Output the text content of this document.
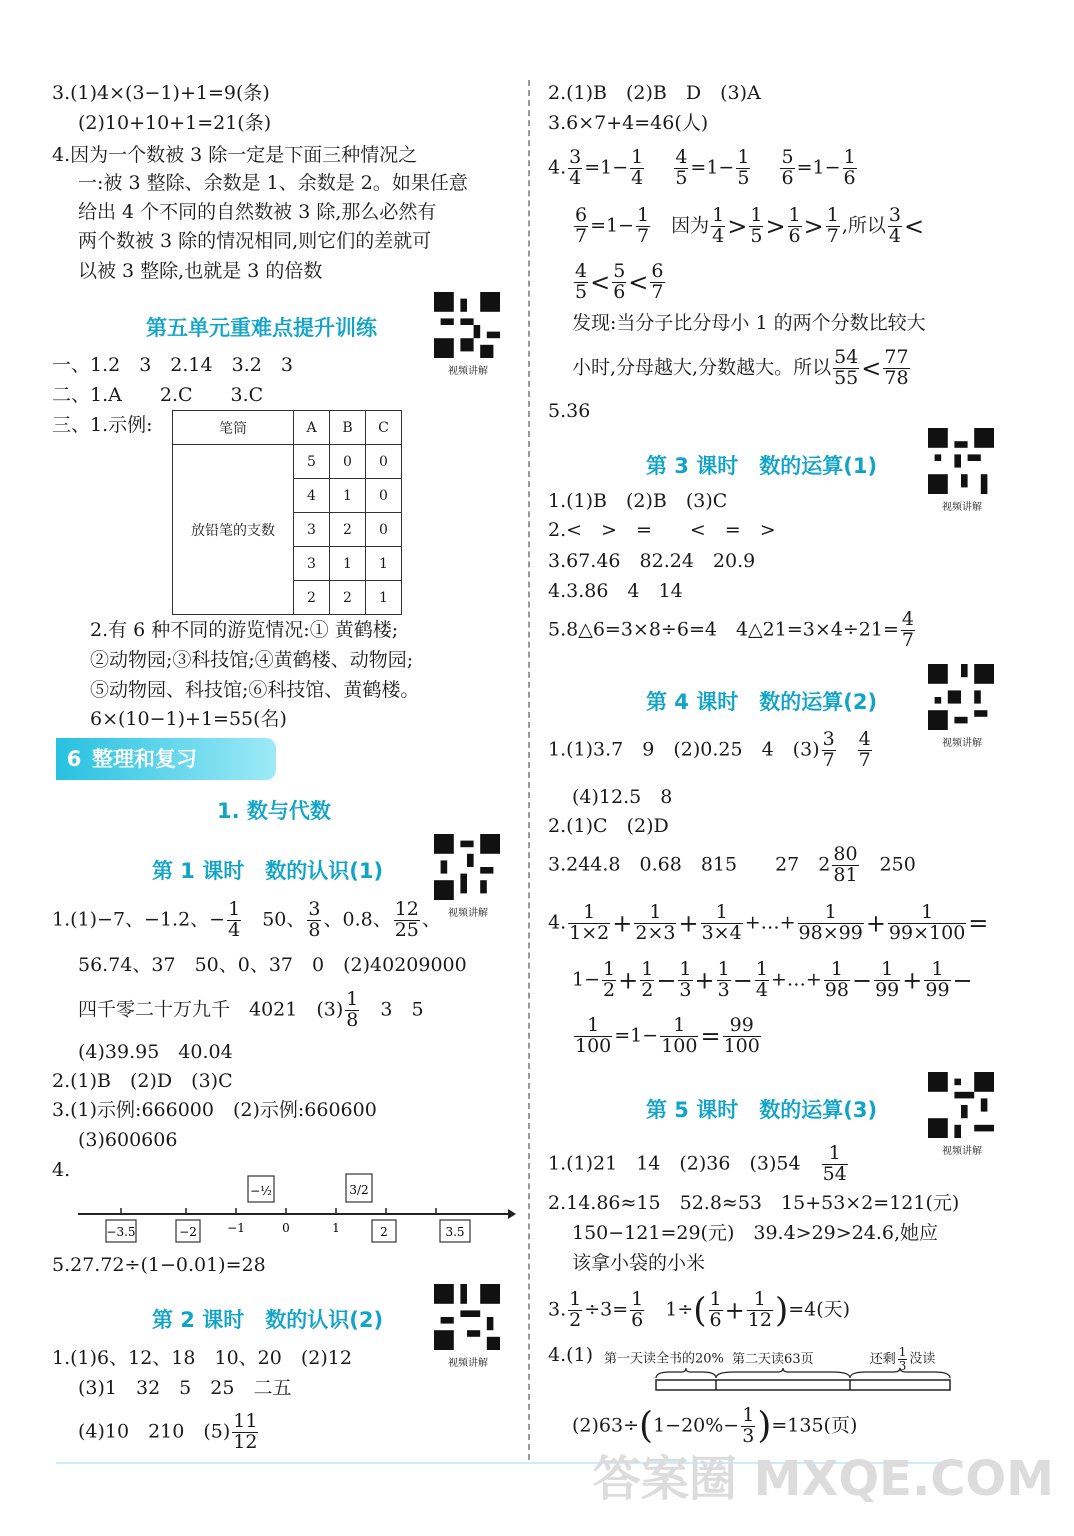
3.(1)4×(3−1)+1=9(条)
(2)10+10+1=21(条)
4.因为一个数被 3 除一定是下面三种情况之
一:被 3 整除、余数是 1、余数是 2。如果任意
给出 4 个不同的自然数被 3 除,那么必然有
两个数被 3 除的情况相同,则它们的差就可
以被 3 整除,也就是 3 的倍数
第五单元重难点提升训练
视频讲解
一、1.2　3　2.14　3.2　3
二、1.A　　2.C　　3.C
三、1.示例:	笔筒	A	B	C
放铅笔的支数	5	0	0
	4	1	0
	3	2	0
	3	1	1
	2	2	1
2.有 6 种不同的游览情况:① 黄鹤楼;
②动物园;③科技馆;④黄鹤楼、动物园;
⑤动物园、科技馆;⑥科技馆、黄鹤楼。
6×(10−1)+1=55(名)
6 整理和复习
1. 数与代数
第 1 课时　数的认识(1)
视频讲解
1.(1)−7、−1.2、− $\frac{1}{4}$ 　50、 $\frac{3}{8}$ 、0.8、 $\frac{12}{25}$ 、
56.74、37　50、0、37　0　(2)40209000
四千零二十万九千　4021　$(3) \frac{1}{8}$ 　3　5
(4)39.95　40.04
2.(1)B　(2)D　(3)C
3.(1)示例:666000　(2)示例:660600
(3)600606
4.
−½	3/2
−3.5	−2	−1	0	1	2	3.5
5.27.72÷(1−0.01)=28
第 2 课时　数的认识(2)
视频讲解
1.(1)6、12、18　10、20　(2)12
(3)1　32　5　25　二五
(4)10　210　$(5) \frac{11}{12}$
2.(1)B　(2)B　D　(3)A
3.6×7+4=46(人)
4. $\frac{3}{4} =1- \frac{1}{4}$
$\frac{4}{5} =1- \frac{1}{5}$
$\frac{5}{6} =1- \frac{1}{6}$
$\frac{6}{7} =1- \frac{1}{7}$ 　因为 $\frac{1}{4} > \frac{1}{5} > \frac{1}{6} > \frac{1}{7}$ ,所以 $\frac{3}{4}$ <
$\frac{4}{5} < \frac{5}{6} < \frac{6}{7}$
发现:当分子比分母小 1 的两个分数比较大
小时,分母越大,分数越大。所以 $\frac{54}{55} < \frac{77}{78}$
5.36
第 3 课时　数的运算(1)
视频讲解
1.(1)B　(2)B　(3)C
2.<　>　=　　<　=　>
3.67.46　82.24　20.9
4.3.86　4　14
5.8△6=3×8÷6=4　4△21=3×4÷21= $\frac{4}{7}$
第 4 课时　数的运算(2)
视频讲解
1.(1)3.7　9　(2)0.25　4　$(3) \frac{3}{7} \frac{4}{7}$
(4)12.5　8
2.(1)C　(2)D
3.244.8　0.68　815　　27　$2 \frac{80}{81}$ 　250
4. $\frac{1}{1\times 2} + \frac{1}{2\times 3} + \frac{1}{3\times 4}$ +…+ $\frac{1}{98\times 99} + \frac{1}{99\times 100}$ =
$1- \frac{1}{2} + \frac{1}{2} - \frac{1}{3} + \frac{1}{3} - \frac{1}{4}$ +…+ $\frac{1}{98} - \frac{1}{99} + \frac{1}{99}$ −
$\frac{1}{100} =1- \frac{1}{100} = \frac{99}{100}$
第 5 课时　数的运算(3)
视频讲解
1.(1)21　14　(2)36　(3)54　 $\frac{1}{54}$
2.14.86≈15　52.8≈53　15+53×2=121(元)
150−121=29(元)　39.4>29>24.6,她应
该拿小袋的小米
3. $\frac{1}{2} \div 3= \frac{1}{6}$ 　$1\div( \frac{1}{6} + \frac{1}{12} )=4$(天)
4.(1) 第一天读全书的20% 第二天读63页	还剩 $\frac{1}{3}$ 没读
$(2)63\div(1-20\%- \frac{1}{3} )=135$(页)
答案圈 MXQE.COM
